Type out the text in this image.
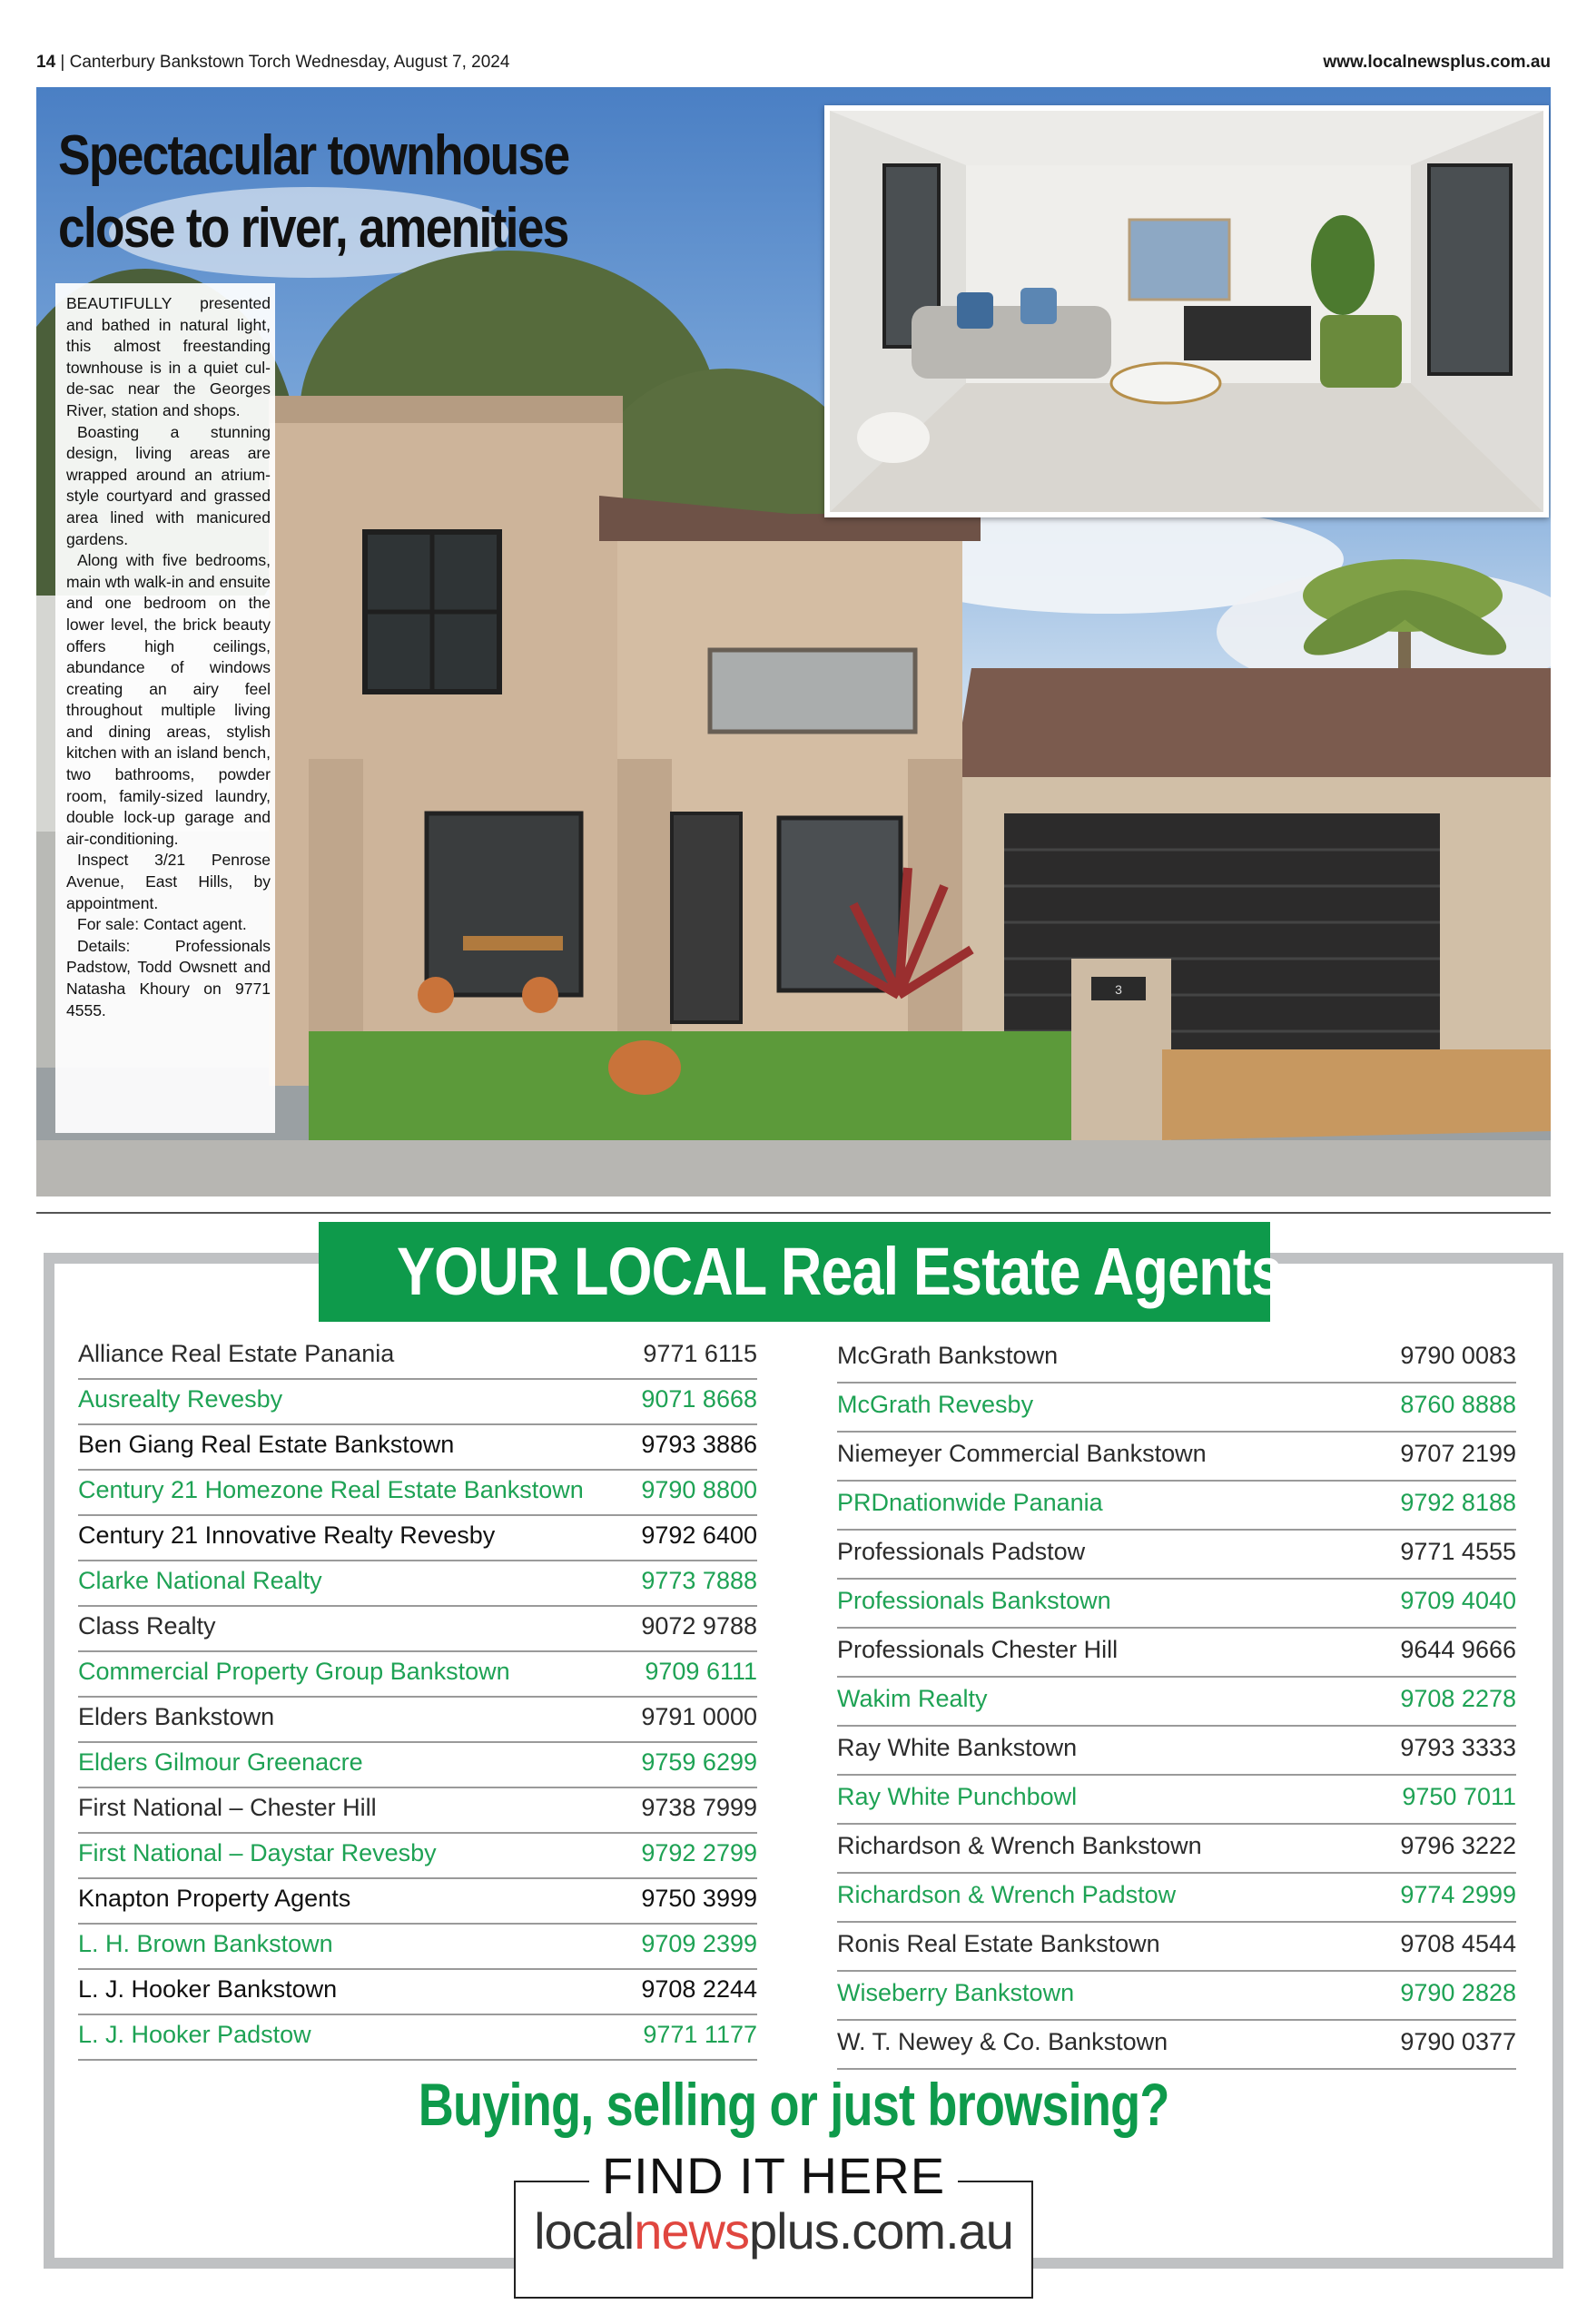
14 | Canterbury Bankstown Torch Wednesday, August 7, 2024	www.localnewsplus.com.au
3
Spectacular townhouse
close to river, amenities

BEAUTIFULLY presented and bathed in natural light, this almost freestanding townhouse is in a quiet cul-de-sac near the Georges River, station and shops.

Boasting a stunning design, living areas are wrapped around an atrium-style courtyard and grassed area lined with manicured gardens.

Along with five bedrooms, main wth walk-in and ensuite and one bedroom on the lower level, the brick beauty offers high ceilings, abundance of windows creating an airy feel throughout multiple living and dining areas, stylish kitchen with an island bench, two bathrooms, powder room, family-sized laundry, double lock-up garage and air-conditioning.

Inspect 3/21 Penrose Avenue, East Hills, by appointment.

For sale: Contact agent.

Details: Professionals Padstow, Todd Owsnett and Natasha Khoury on 9771 4555.

YOUR LOCAL Real Estate Agents
Alliance Real Estate Panania	9771 6115
Ausrealty Revesby	9071 8668
Ben Giang Real Estate Bankstown	9793 3886
Century 21 Homezone Real Estate Bankstown 9790 8800
Century 21 Innovative Realty Revesby	9792 6400
Clarke National Realty	9773 7888
Class Realty	9072 9788
Commercial Property Group Bankstown	9709 6111
Elders Bankstown	9791 0000
Elders Gilmour Greenacre	9759 6299
First National – Chester Hill	9738 7999
First National – Daystar Revesby	9792 2799
Knapton Property Agents	9750 3999
L. H. Brown Bankstown	9709 2399
L. J. Hooker Bankstown	9708 2244
L. J. Hooker Padstow	9771 1177
McGrath Bankstown	9790 0083
McGrath Revesby	8760 8888
Niemeyer Commercial Bankstown	9707 2199
PRDnationwide Panania	9792 8188
Professionals Padstow	9771 4555
Professionals Bankstown	9709 4040
Professionals Chester Hill	9644 9666
Wakim Realty	9708 2278
Ray White Bankstown	9793 3333
Ray White Punchbowl	9750 7011
Richardson & Wrench Bankstown	9796 3222
Richardson & Wrench Padstow	9774 2999
Ronis Real Estate Bankstown	9708 4544
Wiseberry Bankstown	9790 2828
W. T. Newey & Co. Bankstown	9790 0377
Buying, selling or just browsing?
FIND IT HERE
localnewsplus.com.au
